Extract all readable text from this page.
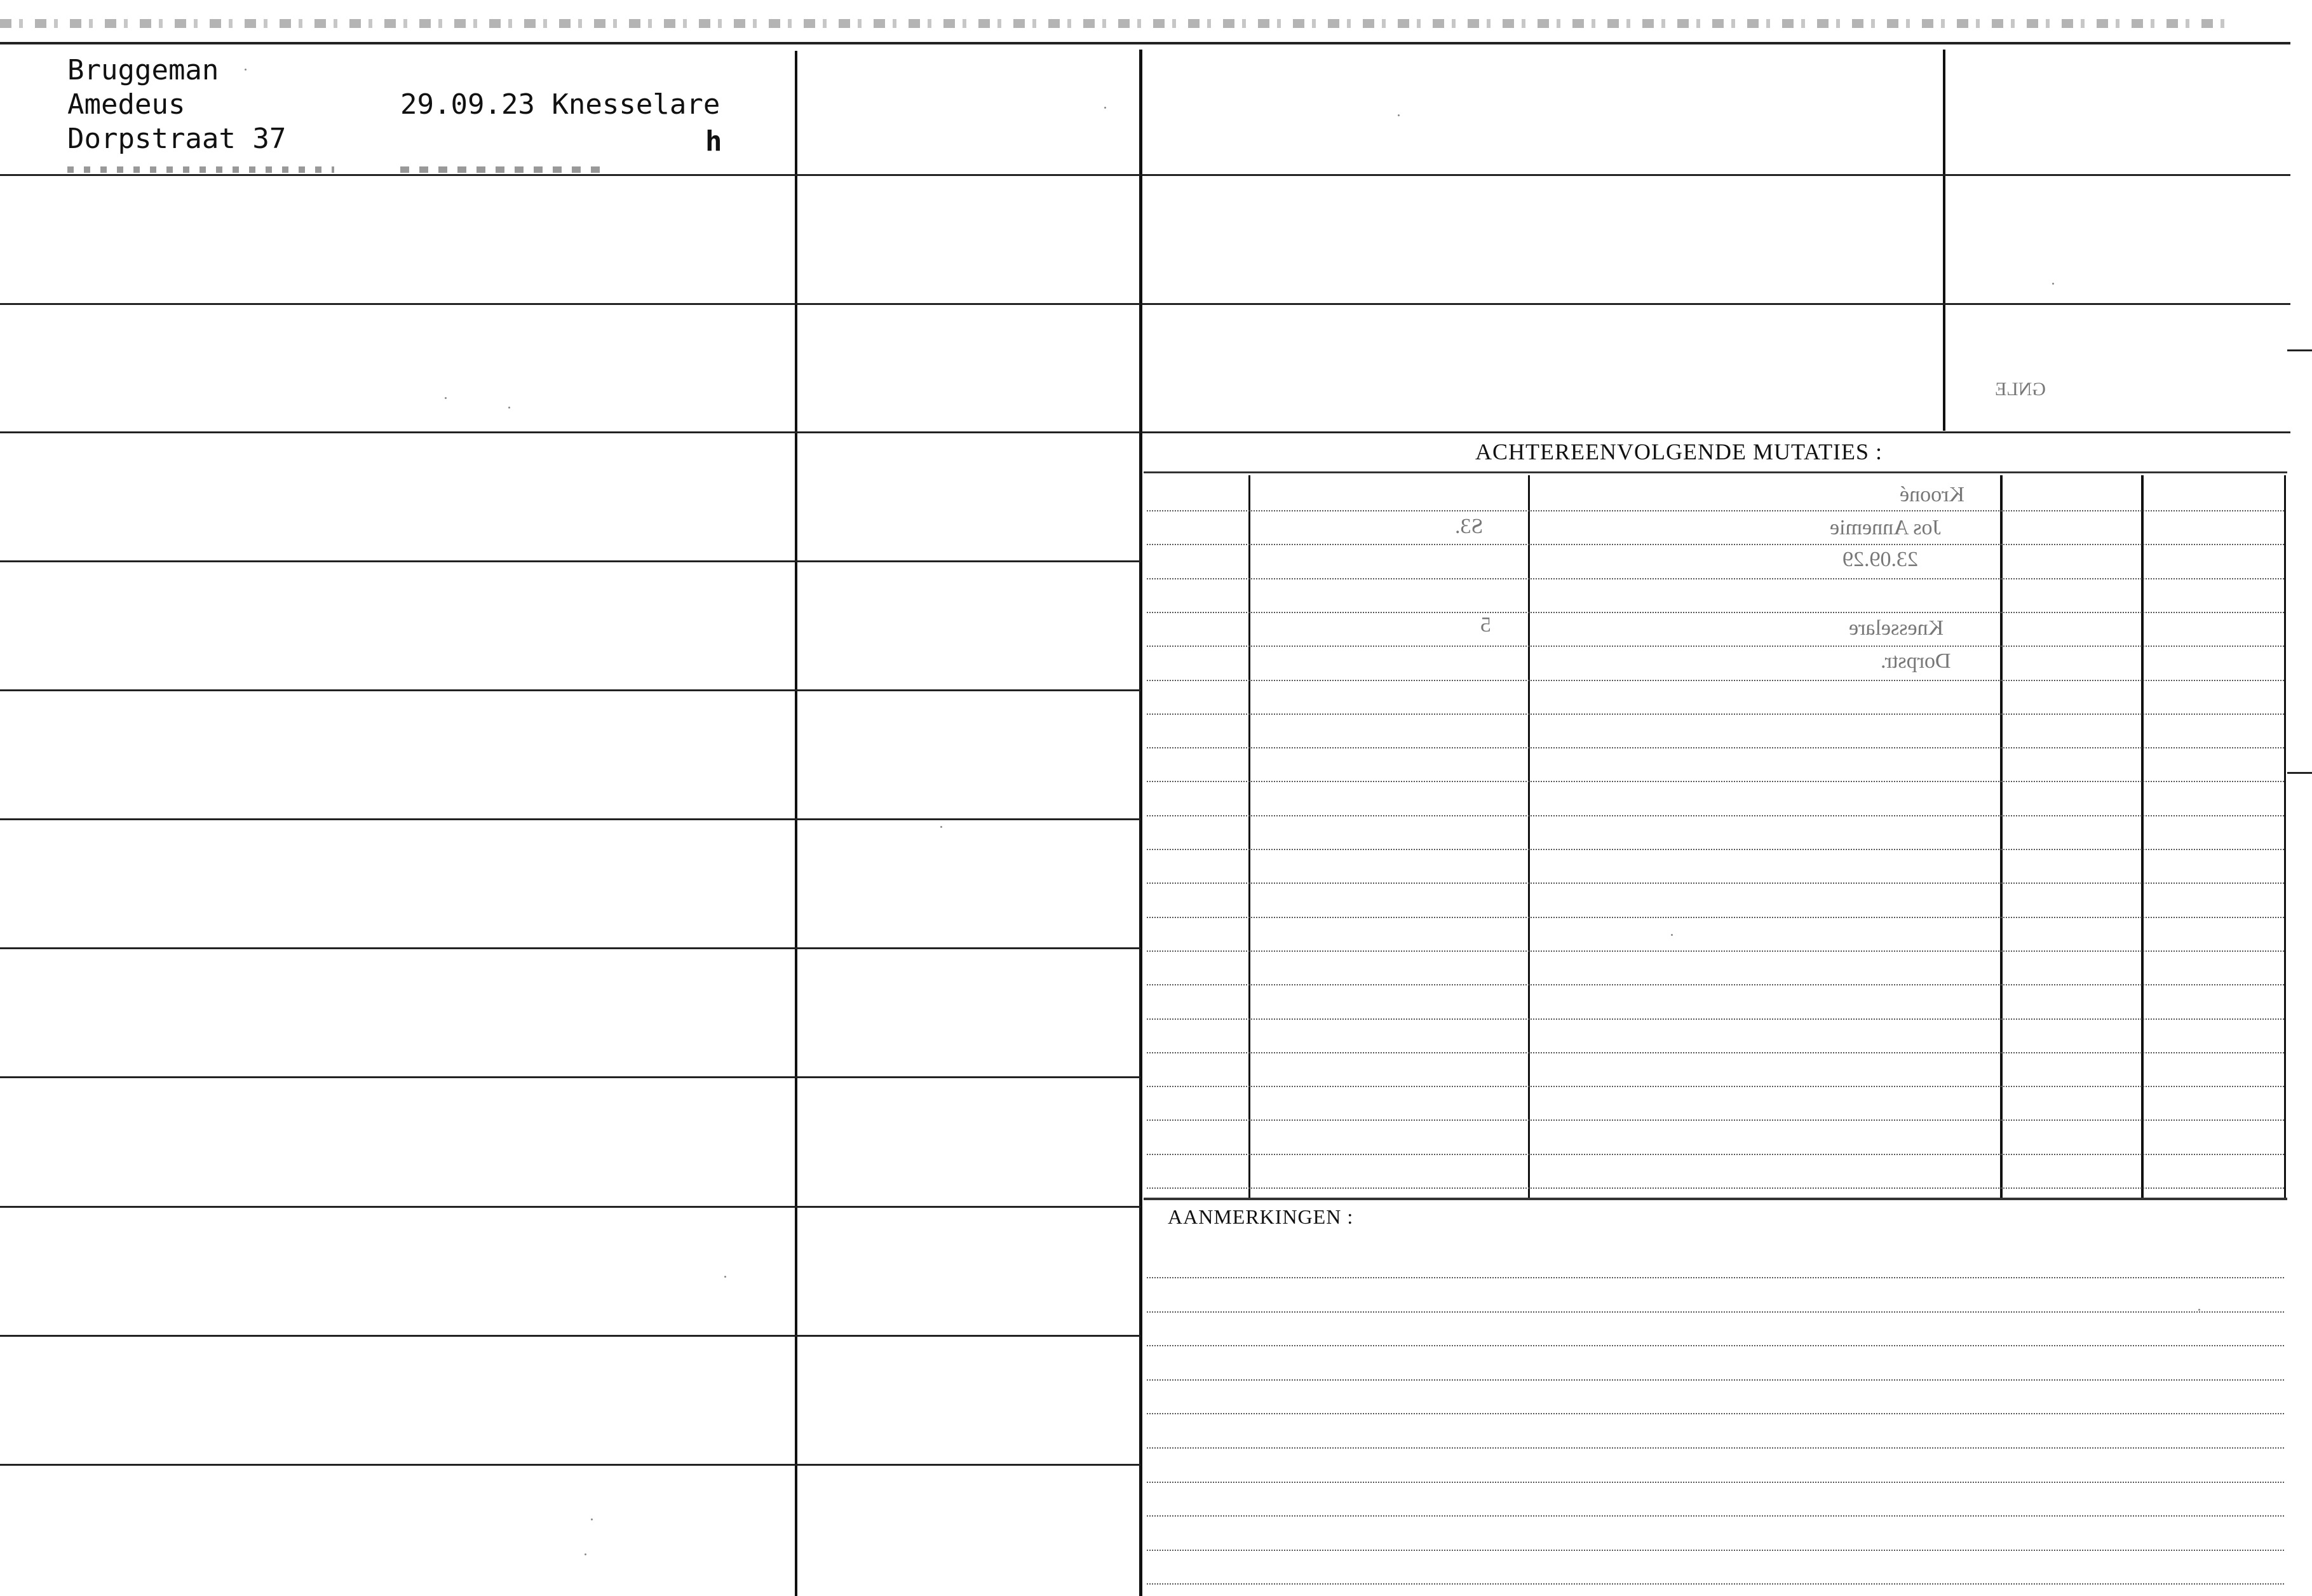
Bruggeman
Amedeus
Dorpstraat 37
29.09.23 Knesselare
h
GNLE
ACHTEREENVOLGENDE MUTATIES :
Krooné
Jos Annemie
23.09.29
Knesselare
Dorpstr.
S3.
5
AANMERKINGEN :
